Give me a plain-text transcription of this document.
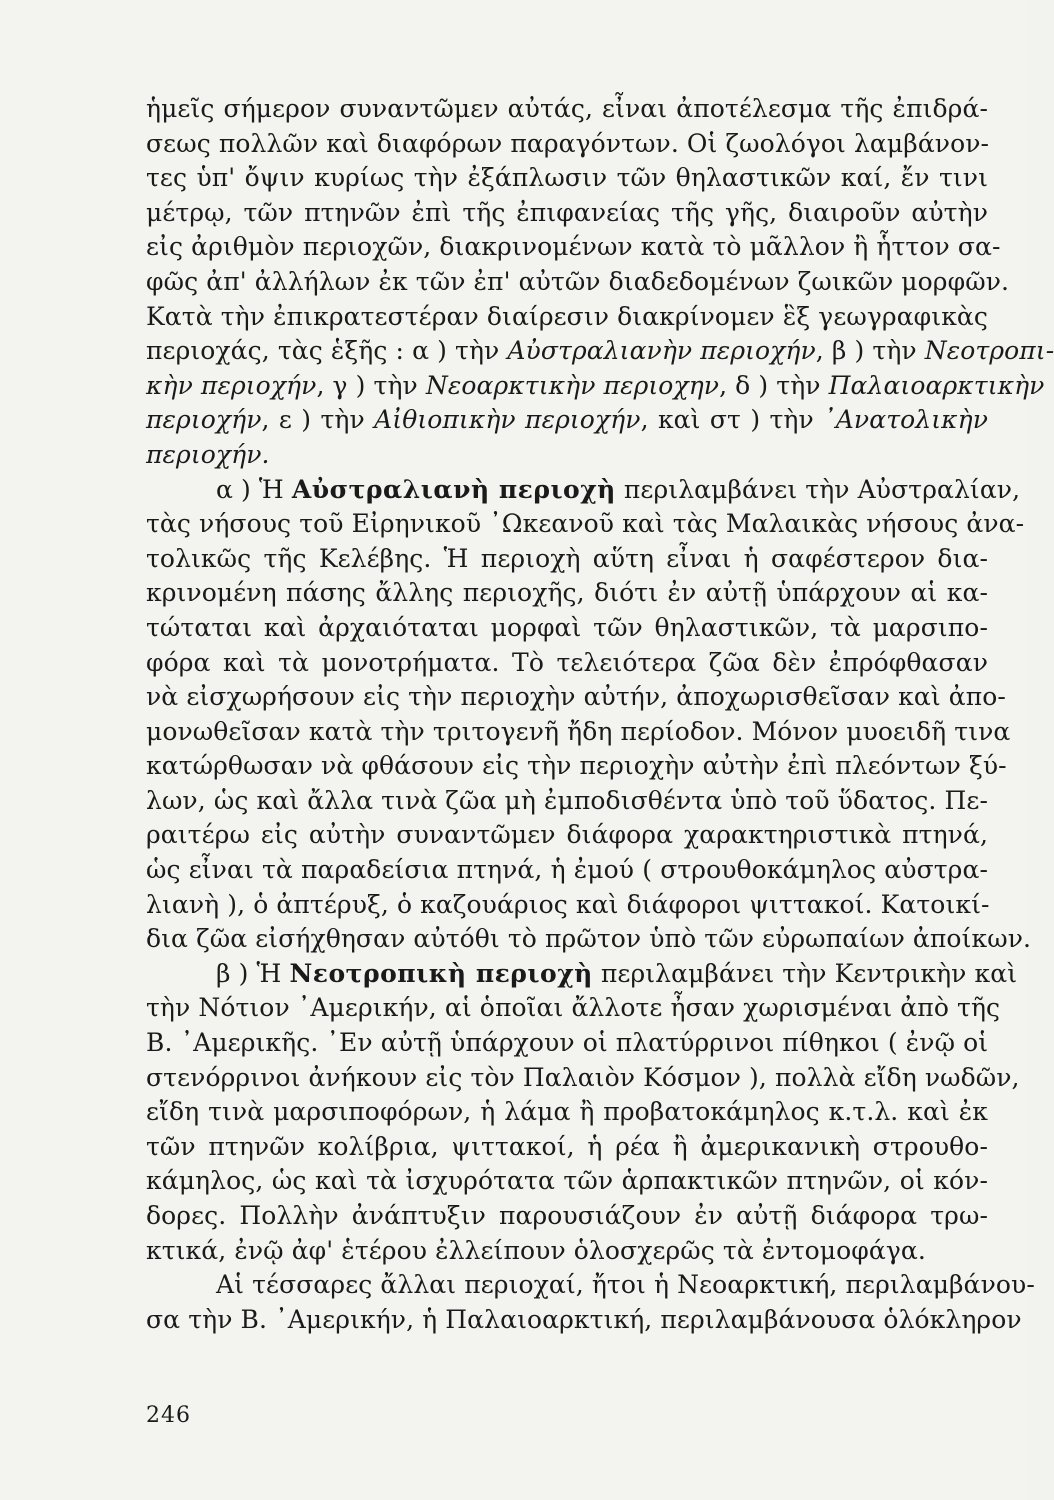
ἡμεῖς σήμερον συναντῶμεν αὐτάς, εἶναι ἀποτέλεσμα τῆς ἐπιδρά-
σεως πολλῶν καὶ διαφόρων παραγόντων. Οἱ ζωολόγοι λαμβάνον-
τες ὑπ' ὄψιν κυρίως τὴν ἐξάπλωσιν τῶν θηλαστικῶν καί, ἔν τινι
μέτρῳ, τῶν πτηνῶν ἐπὶ τῆς ἐπιφανείας τῆς γῆς, διαιροῦν αὐτὴν
εἰς ἀριθμὸν περιοχῶν, διακρινομένων κατὰ τὸ μᾶλλον ἢ ἧττον σα-
φῶς ἀπ' ἀλλήλων ἐκ τῶν ἐπ' αὐτῶν διαδεδομένων ζωικῶν μορφῶν.
Κατὰ τὴν ἐπικρατεστέραν διαίρεσιν διακρίνομεν ἓξ γεωγραφικὰς
περιοχάς, τὰς ἑξῆς : α ) τὴν Αὐστραλιανὴν περιοχήν, β ) τὴν Νεοτροπι-
κὴν περιοχήν, γ ) τὴν Νεοαρκτικὴν περιοχην, δ ) τὴν Παλαιοαρκτικὴν
περιοχήν, ε ) τὴν Αἰθιοπικὴν περιοχήν, καὶ στ ) τὴν ᾿Ανατολικὴν
περιοχήν.
α ) Ἡ Αὐστραλιανὴ περιοχὴ περιλαμβάνει τὴν Αὐστραλίαν,
τὰς νήσους τοῦ Εἰρηνικοῦ ᾿Ωκεανοῦ καὶ τὰς Μαλαικὰς νήσους ἀνα-
τολικῶς τῆς Κελέβης. Ἡ περιοχὴ αὕτη εἶναι ἡ σαφέστερον δια-
κρινομένη πάσης ἄλλης περιοχῆς, διότι ἐν αὐτῇ ὑπάρχουν αἱ κα-
τώταται καὶ ἀρχαιόταται μορφαὶ τῶν θηλαστικῶν, τὰ μαρσιπο-
φόρα καὶ τὰ μονοτρήματα. Τὸ τελειότερα ζῶα δὲν ἐπρόφθασαν
νὰ εἰσχωρήσουν εἰς τὴν περιοχὴν αὐτήν, ἀποχωρισθεῖσαν καὶ ἀπο-
μονωθεῖσαν κατὰ τὴν τριτογενῆ ἤδη περίοδον. Μόνον μυοειδῆ τινα
κατώρθωσαν νὰ φθάσουν εἰς τὴν περιοχὴν αὐτὴν ἐπὶ πλεόντων ξύ-
λων, ὡς καὶ ἄλλα τινὰ ζῶα μὴ ἐμποδισθέντα ὑπὸ τοῦ ὕδατος. Πε-
ραιτέρω εἰς αὐτὴν συναντῶμεν διάφορα χαρακτηριστικὰ πτηνά,
ὡς εἶναι τὰ παραδείσια πτηνά, ἡ ἐμού ( στρουθοκάμηλος αὐστρα-
λιανὴ ), ὁ ἀπτέρυξ, ὁ καζουάριος καὶ διάφοροι ψιττακοί. Κατοικί-
δια ζῶα εἰσήχθησαν αὐτόθι τὸ πρῶτον ὑπὸ τῶν εὐρωπαίων ἀποίκων.
β ) Ἡ Νεοτροπικὴ περιοχὴ περιλαμβάνει τὴν Κεντρικὴν καὶ
τὴν Νότιον ᾿Αμερικήν, αἱ ὁποῖαι ἄλλοτε ἦσαν χωρισμέναι ἀπὸ τῆς
Β. ᾿Αμερικῆς. ᾿Εν αὐτῇ ὑπάρχουν οἱ πλατύρρινοι πίθηκοι ( ἐνῷ οἱ
στενόρρινοι ἀνήκουν εἰς τὸν Παλαιὸν Κόσμον ), πολλὰ εἴδη νωδῶν,
εἴδη τινὰ μαρσιποφόρων, ἡ λάμα ἢ προβατοκάμηλος κ.τ.λ. καὶ ἐκ
τῶν πτηνῶν κολίβρια, ψιττακοί, ἡ ρέα ἢ ἀμερικανικὴ στρουθο-
κάμηλος, ὡς καὶ τὰ ἰσχυρότατα τῶν ἁρπακτικῶν πτηνῶν, οἱ κόν-
δορες. Πολλὴν ἀνάπτυξιν παρουσιάζουν ἐν αὐτῇ διάφορα τρω-
κτικά, ἐνῷ ἀφ' ἑτέρου ἐλλείπουν ὁλοσχερῶς τὰ ἐντομοφάγα.
Αἱ τέσσαρες ἄλλαι περιοχαί, ἤτοι ἡ Νεοαρκτική, περιλαμβάνου-
σα τὴν Β. ᾿Αμερικήν, ἡ Παλαιοαρκτική, περιλαμβάνουσα ὁλόκληρον
246
